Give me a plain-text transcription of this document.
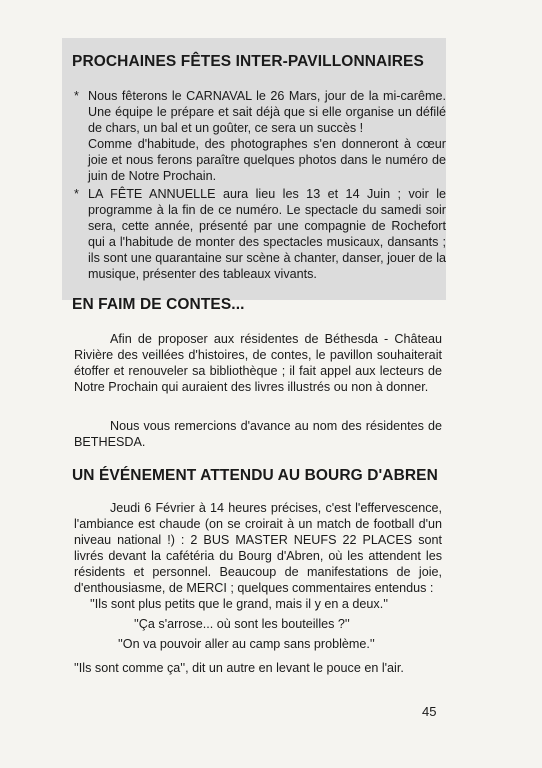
PROCHAINES FÊTES INTER-PAVILLONNAIRES
* Nous fêterons le CARNAVAL le 26 Mars, jour de la mi-carême. Une équipe le prépare et sait déjà que si elle organise un défilé de chars, un bal et un goûter, ce sera un succès !

Comme d'habitude, des photographes s'en donneront à cœur joie et nous ferons paraître quelques photos dans le numéro de juin de Notre Prochain.

* LA FÊTE ANNUELLE aura lieu les 13 et 14 Juin ; voir le programme à la fin de ce numéro. Le spectacle du samedi soir sera, cette année, présenté par une compagnie de Rochefort qui a l'habitude de monter des spectacles musicaux, dansants ; ils sont une quarantaine sur scène à chanter, danser, jouer de la musique, présenter des tableaux vivants.

EN FAIM DE CONTES...

Afin de proposer aux résidentes de Béthesda - Château Rivière des veillées d'histoires, de contes, le pavillon souhaiterait étoffer et renouveler sa bibliothèque ; il fait appel aux lecteurs de Notre Prochain qui auraient des livres illustrés ou non à donner.

Nous vous remercions d'avance au nom des résidentes de BETHESDA.

UN ÉVÉNEMENT ATTENDU AU BOURG D'ABREN

Jeudi 6 Février à 14 heures précises, c'est l'effervescence, l'ambiance est chaude (on se croirait à un match de football d'un niveau national !) : 2 BUS MASTER NEUFS 22 PLACES sont livrés devant la cafétéria du Bourg d'Abren, où les attendent les résidents et personnel. Beaucoup de manifestations de joie, d'enthousiasme, de MERCI ; quelques commentaires entendus :

''Ils sont plus petits que le grand, mais il y en a deux.''

''Ça s'arrose... où sont les bouteilles ?''

''On va pouvoir aller au camp sans problème.''

''Ils sont comme ça'', dit un autre en levant le pouce en l'air.

45
